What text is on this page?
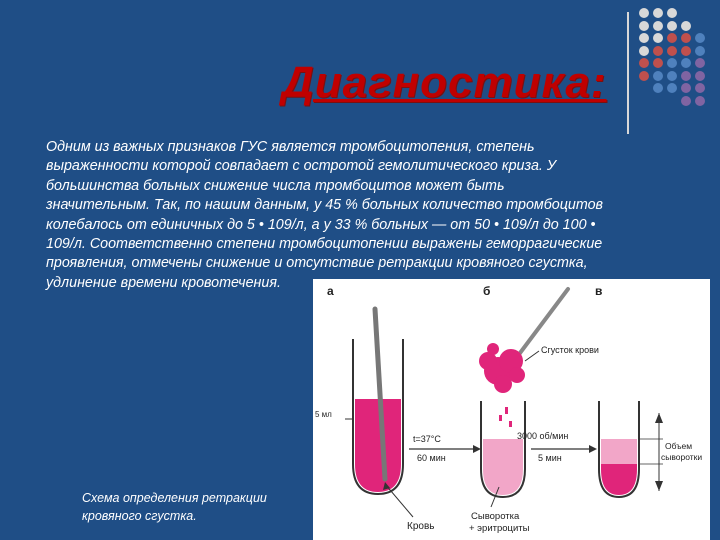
Диагностика:
Одним из важных признаков ГУС является тромбоцитопения, степень
выраженности которой совпадает с остротой гемолитического криза. У
большинства больных снижение числа тромбоцитов может быть
значительным. Так, по нашим данным, у 45 % больных количество тромбоцитов
колебалось от единичных до 5 • 109/л, а у 33 % больных — от 50 • 109/л до 100 •
109/л. Соответственно степени тромбоцитопении выражены геморрагические
проявления, отмечены снижение и отсутствие ретракции кровяного сгустка,
удлинение времени кровотечения.
а	б	в
5 мл
Сгусток крови
t=37°C
60 мин
3000 об/мин
5 мин
Объем
сыворотки
Кровь
Сыворотка
+ эритроциты
Схема определения ретракции
кровяного сгустка.
